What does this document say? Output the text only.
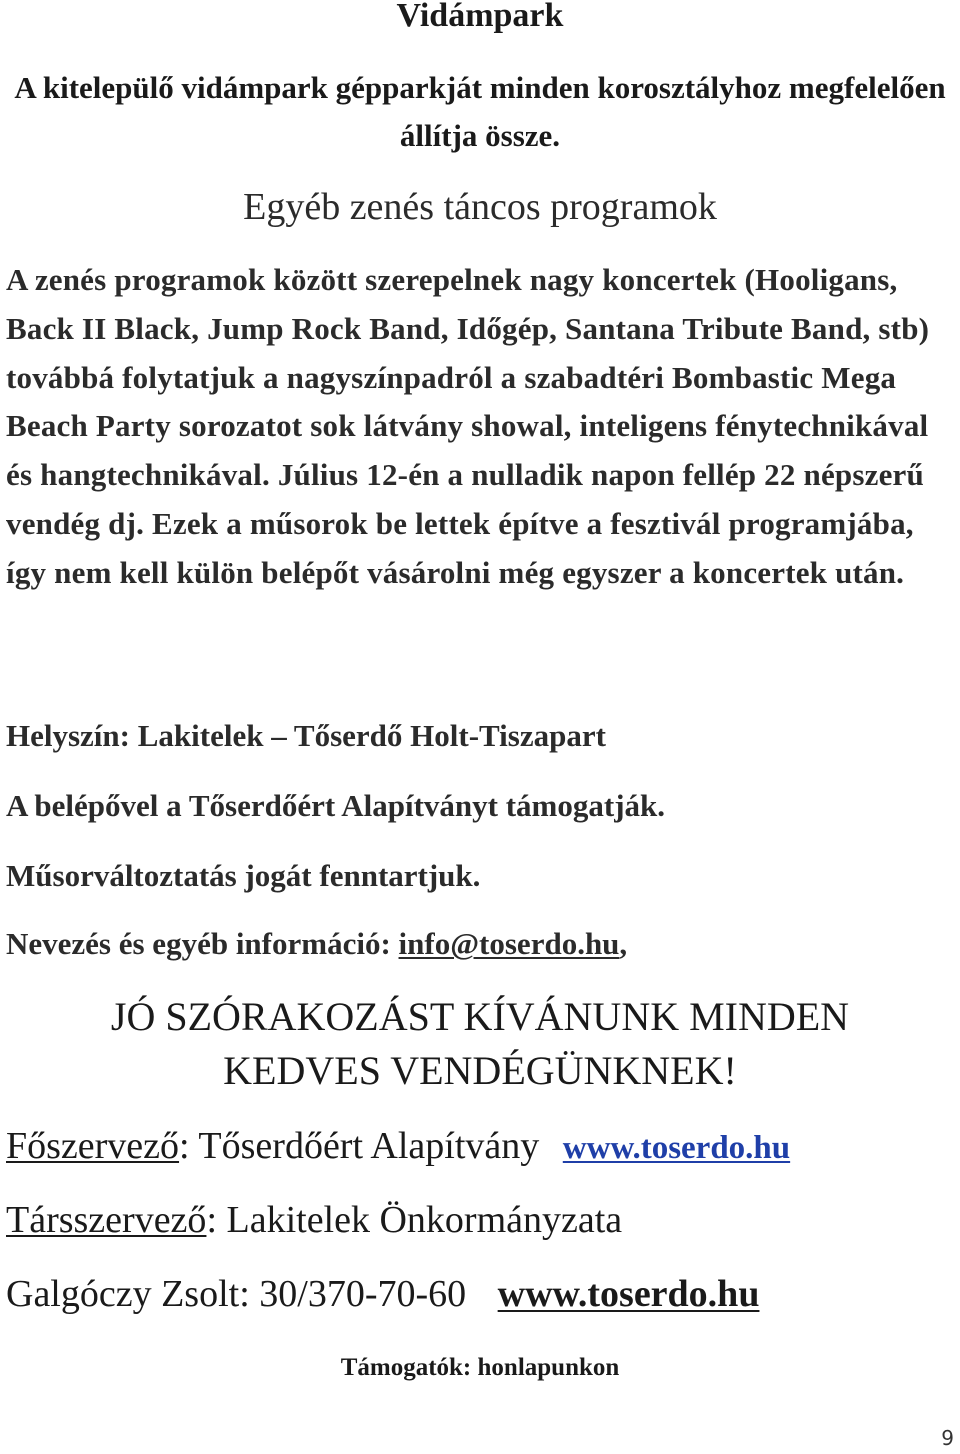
Vidámpark
A kitelepülő vidámpark gépparkját minden korosztályhoz megfelelően állítja össze.
Egyéb zenés táncos programok
A zenés programok között szerepelnek nagy koncertek (Hooligans, Back II Black, Jump Rock Band, Időgép, Santana Tribute Band, stb) továbbá folytatjuk a nagyszínpadról a szabadtéri Bombastic Mega Beach Party sorozatot sok látvány showal, inteligens fénytechnikával és hangtechnikával. Július 12-én a nulladik napon fellép 22 népszerű vendég dj. Ezek a műsorok be lettek építve a fesztivál programjába, így nem kell külön belépőt vásárolni még egyszer a koncertek után.
Helyszín: Lakitelek – Tőserdő Holt-Tiszapart
A belépővel a Tőserdőért Alapítványt támogatják.
Műsorváltoztatás jogát fenntartjuk.
Nevezés és egyéb információ: info@toserdo.hu,
JÓ SZÓRAKOZÁST KÍVÁNUNK MINDEN
KEDVES VENDÉGÜNKNEK!
Főszervező: Tőserdőért Alapítvány www.toserdo.hu
Társszervező: Lakitelek Önkormányzata
Galgóczy Zsolt: 30/370-70-60 www.toserdo.hu
Támogatók: honlapunkon
9
